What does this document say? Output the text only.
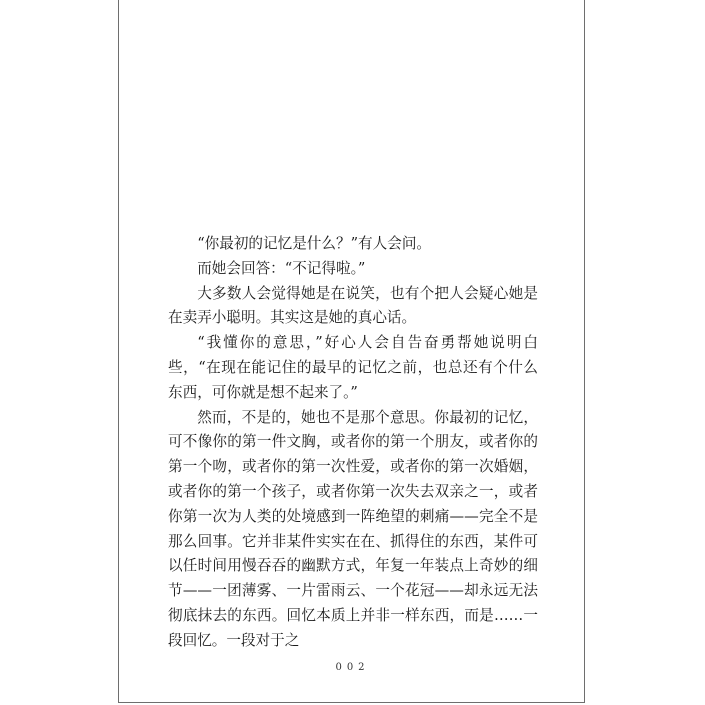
“你最初的记忆是什么？”有人会问。

而她会回答：“不记得啦。”

大多数人会觉得她是在说笑，也有个把人会疑心她是在卖弄小聪明。其实这是她的真心话。

“我懂你的意思，”好心人会自告奋勇帮她说明白些，“在现在能记住的最早的记忆之前，也总还有个什么东西，可你就是想不起来了。”

然而，不是的，她也不是那个意思。你最初的记忆，可不像你的第一件文胸，或者你的第一个朋友，或者你的第一个吻，或者你的第一次性爱，或者你的第一次婚姻，或者你的第一个孩子，或者你第一次失去双亲之一，或者你第一次为人类的处境感到一阵绝望的刺痛——完全不是那么回事。它并非某件实实在在、抓得住的东西，某件可以任时间用慢吞吞的幽默方式，年复一年装点上奇妙的细节——一团薄雾、一片雷雨云、一个花冠——却永远无法彻底抹去的东西。回忆本质上并非一样东西，而是……一段回忆。一段对于之

002
